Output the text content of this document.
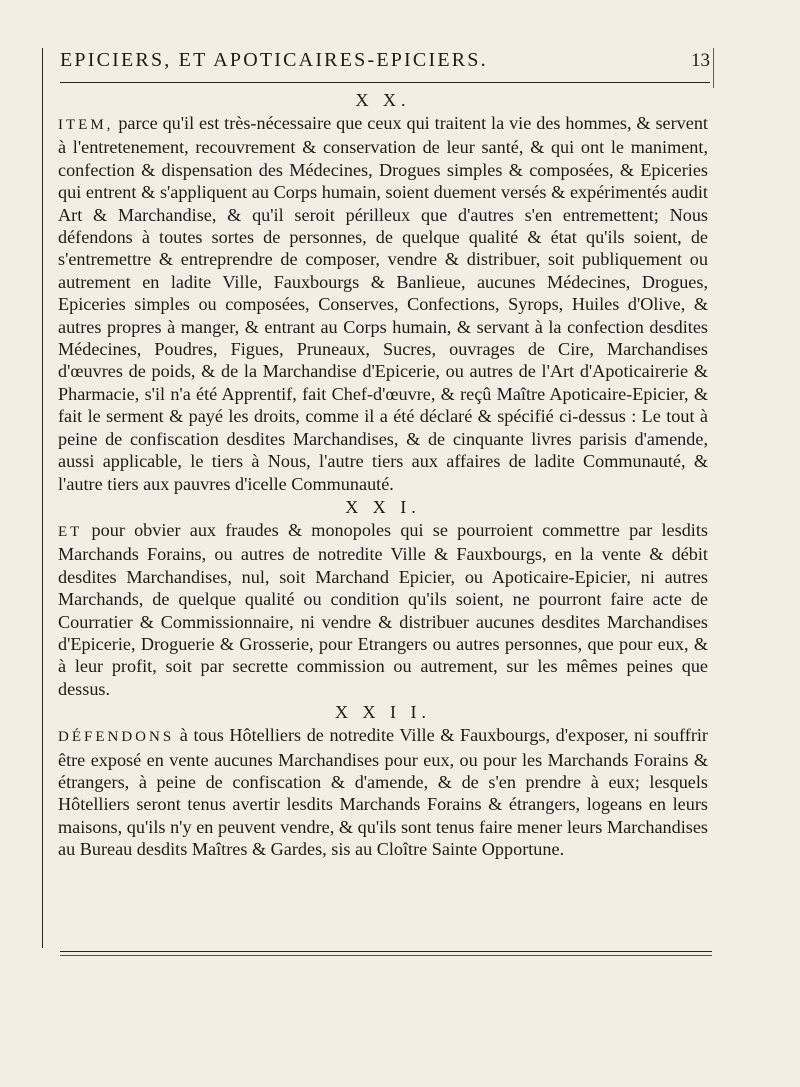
EPICIERS, ET APOTICAIRES-EPICIERS.	13

X X.

ITEM, parce qu'il est très-nécessaire que ceux qui traitent la vie des hommes, & servent à l'entretenement, recouvrement & conservation de leur santé, & qui ont le maniment, confection & dispensation des Médecines, Drogues simples & composées, & Epiceries qui entrent & s'appliquent au Corps humain, soient duement versés & expérimentés audit Art & Marchandise, & qu'il seroit périlleux que d'autres s'en entremettent; Nous défendons à toutes sortes de personnes, de quelque qualité & état qu'ils soient, de s'entremettre & entreprendre de composer, vendre & distribuer, soit publiquement ou autrement en ladite Ville, Fauxbourgs & Banlieue, aucunes Médecines, Drogues, Epiceries simples ou composées, Conserves, Confections, Syrops, Huiles d'Olive, & autres propres à manger, & entrant au Corps humain, & servant à la confection desdites Médecines, Poudres, Figues, Pruneaux, Sucres, ouvrages de Cire, Marchandises d'œuvres de poids, & de la Marchandise d'Epicerie, ou autres de l'Art d'Apoticairerie & Pharmacie, s'il n'a été Apprentif, fait Chef-d'œuvre, & reçû Maître Apoticaire-Epicier, & fait le serment & payé les droits, comme il a été déclaré & spécifié ci-dessus : Le tout à peine de confiscation desdites Marchandises, & de cinquante livres parisis d'amende, aussi applicable, le tiers à Nous, l'autre tiers aux affaires de ladite Communauté, & l'autre tiers aux pauvres d'icelle Communauté.

X X I.

ET pour obvier aux fraudes & monopoles qui se pourroient commettre par lesdits Marchands Forains, ou autres de notredite Ville & Fauxbourgs, en la vente & débit desdites Marchandises, nul, soit Marchand Epicier, ou Apoticaire-Epicier, ni autres Marchands, de quelque qualité ou condition qu'ils soient, ne pourront faire acte de Courratier & Commissionnaire, ni vendre & distribuer aucunes desdites Marchandises d'Epicerie, Droguerie & Grosserie, pour Etrangers ou autres personnes, que pour eux, & à leur profit, soit par secrette commission ou autrement, sur les mêmes peines que dessus.

X X I I.

DÉFENDONS à tous Hôtelliers de notredite Ville & Fauxbourgs, d'exposer, ni souffrir être exposé en vente aucunes Marchandises pour eux, ou pour les Marchands Forains & étrangers, à peine de confiscation & d'amende, & de s'en prendre à eux; lesquels Hôtelliers seront tenus avertir lesdits Marchands Forains & étrangers, logeans en leurs maisons, qu'ils n'y en peuvent vendre, & qu'ils sont tenus faire mener leurs Marchandises au Bureau desdits Maîtres & Gardes, sis au Cloître Sainte Opportune.
